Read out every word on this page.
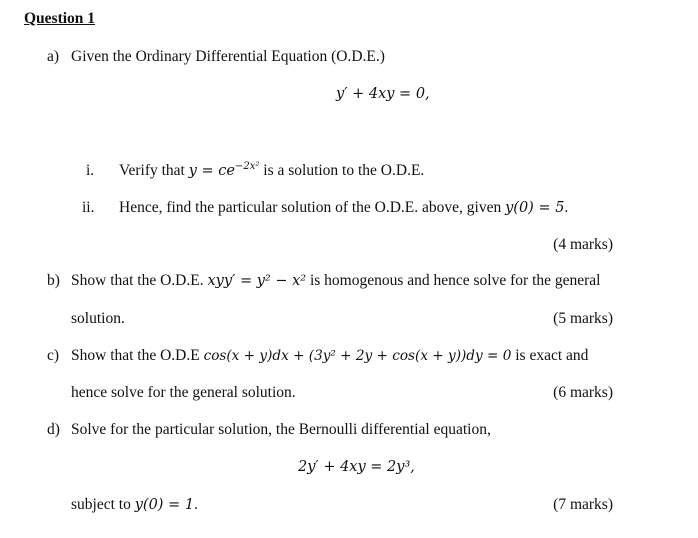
Question 1
a) Given the Ordinary Differential Equation (O.D.E.)
y′ + 4xy = 0,
i. Verify that $y = ce^{-2x^2}$ is a solution to the O.D.E.
ii. Hence, find the particular solution of the O.D.E. above, given y(0) = 5.
(4 marks)
b) Show that the O.D.E. xyy′ = y² − x² is homogenous and hence solve for the general
solution.	(5 marks)
c) Show that the O.D.E cos(x + y)dx + (3y² + 2y + cos(x + y))dy = 0 is exact and
hence solve for the general solution.	(6 marks)
d) Solve for the particular solution, the Bernoulli differential equation,
2y′ + 4xy = 2y³,
subject to y(0) = 1.	(7 marks)
